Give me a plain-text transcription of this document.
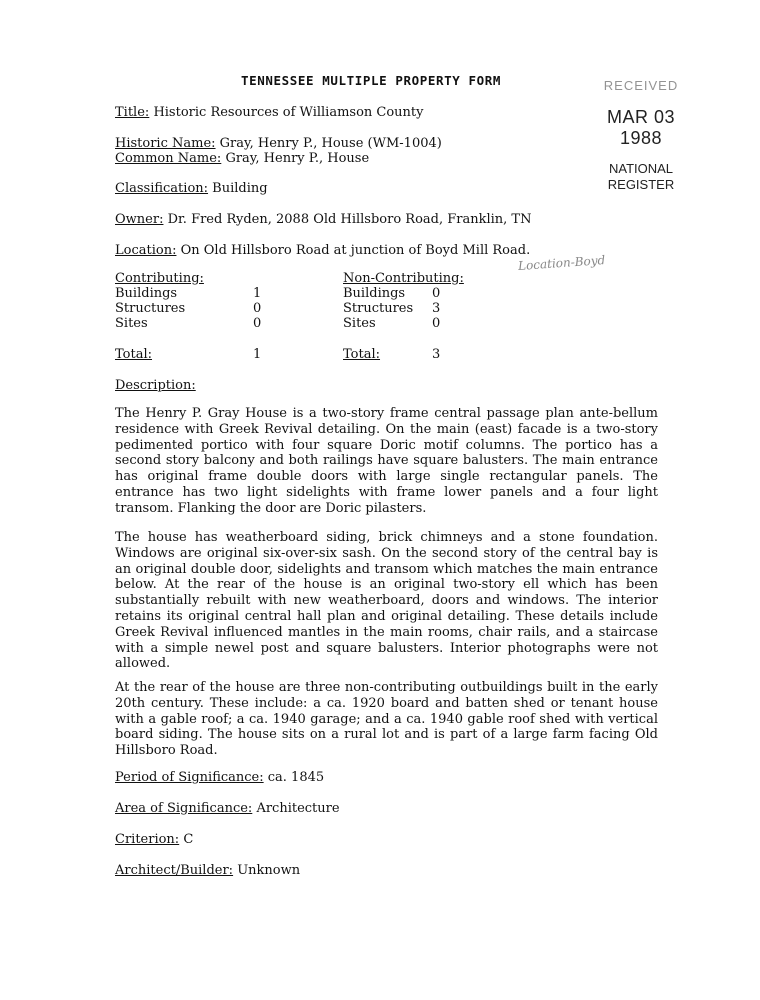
TENNESSEE MULTIPLE PROPERTY FORM	RECEIVED
MAR 03 1988
NATIONAL
REGISTER
Location-Boyd
Title: Historic Resources of Williamson County
Historic Name: Gray, Henry P., House (WM-1004)
Common Name: Gray, Henry P., House
Classification: Building
Owner: Dr. Fred Ryden, 2088 Old Hillsboro Road, Franklin, TN
Location: On Old Hillsboro Road at junction of Boyd Mill Road.
Contributing:	Non-Contributing:
Buildings	1	Buildings 0
Structures	0	Structures 3
Sites	0	Sites	0
Total:	1	Total:	3
Description:

The Henry P. Gray House is a two-story frame central passage plan ante-bellum residence with Greek Revival detailing. On the main (east) facade is a two-story pedimented portico with four square Doric motif columns. The portico has a second story balcony and both railings have square balusters. The main entrance has original frame double doors with large single rectangular panels. The entrance has two light sidelights with frame lower panels and a four light transom. Flanking the door are Doric pilasters.

The house has weatherboard siding, brick chimneys and a stone foundation. Windows are original six-over-six sash. On the second story of the central bay is an original double door, sidelights and transom which matches the main entrance below. At the rear of the house is an original two-story ell which has been substantially rebuilt with new weatherboard, doors and windows. The interior retains its original central hall plan and original detailing. These details include Greek Revival influenced mantles in the main rooms, chair rails, and a staircase with a simple newel post and square balusters. Interior photographs were not allowed.

At the rear of the house are three non-contributing outbuildings built in the early 20th century. These include: a ca. 1920 board and batten shed or tenant house with a gable roof; a ca. 1940 garage; and a ca. 1940 gable roof shed with vertical board siding. The house sits on a rural lot and is part of a large farm facing Old Hillsboro Road.

Period of Significance: ca. 1845
Area of Significance: Architecture
Criterion: C
Architect/Builder: Unknown
